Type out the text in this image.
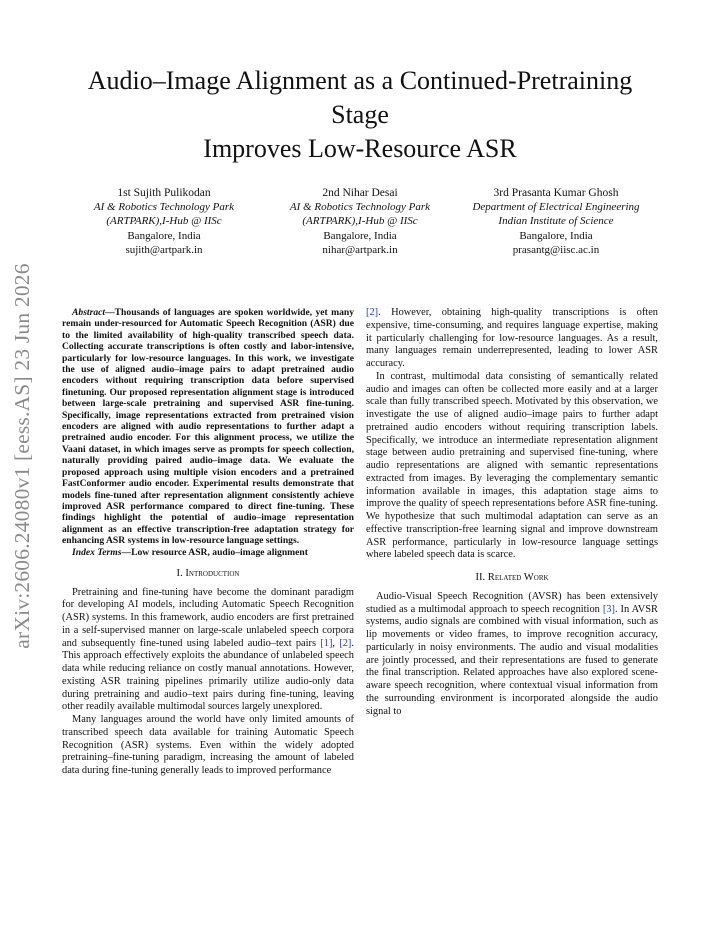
arXiv:2606.24080v1 [eess.AS] 23 Jun 2026
Audio–Image Alignment as a Continued-Pretraining
Stage
Improves Low-Resource ASR
1st Sujith Pulikodan
AI & Robotics Technology Park
(ARTPARK),I-Hub @ IISc
Bangalore, India
sujith@artpark.in
2nd Nihar Desai
AI & Robotics Technology Park
(ARTPARK),I-Hub @ IISc
Bangalore, India
nihar@artpark.in
3rd Prasanta Kumar Ghosh
Department of Electrical Engineering
Indian Institute of Science
Bangalore, India
prasantg@iisc.ac.in

Abstract—Thousands of languages are spoken worldwide, yet many remain under-resourced for Automatic Speech Recognition (ASR) due to the limited availability of high-quality transcribed speech data. Collecting accurate transcriptions is often costly and labor-intensive, particularly for low-resource languages. In this work, we investigate the use of aligned audio–image pairs to adapt pretrained audio encoders without requiring transcription data before supervised finetuning. Our proposed representation alignment stage is introduced between large-scale pretraining and supervised ASR fine-tuning. Specifically, image representations extracted from pretrained vision encoders are aligned with audio representations to further adapt a pretrained audio encoder. For this alignment process, we utilize the Vaani dataset, in which images serve as prompts for speech collection, naturally providing paired audio–image data. We evaluate the proposed approach using multiple vision encoders and a pretrained FastConformer audio encoder. Experimental results demonstrate that models fine-tuned after representation alignment consistently achieve improved ASR performance compared to direct fine-tuning. These findings highlight the potential of audio–image representation alignment as an effective transcription-free adaptation strategy for enhancing ASR systems in low-resource language settings.

Index Terms—Low resource ASR, audio–image alignment

I. Introduction

Pretraining and fine-tuning have become the dominant paradigm for developing AI models, including Automatic Speech Recognition (ASR) systems. In this framework, audio encoders are first pretrained in a self-supervised manner on large-scale unlabeled speech corpora and subsequently fine-tuned using labeled audio–text pairs [1], [2]. This approach effectively exploits the abundance of unlabeled speech data while reducing reliance on costly manual annotations. However, existing ASR training pipelines primarily utilize audio-only data during pretraining and audio–text pairs during fine-tuning, leaving other readily available multimodal sources largely unexplored.

Many languages around the world have only limited amounts of transcribed speech data available for training Automatic Speech Recognition (ASR) systems. Even within the widely adopted pretraining–fine-tuning paradigm, increasing the amount of labeled data during fine-tuning generally leads to improved performance

[2]. However, obtaining high-quality transcriptions is often expensive, time-consuming, and requires language expertise, making it particularly challenging for low-resource languages. As a result, many languages remain underrepresented, leading to lower ASR accuracy.

In contrast, multimodal data consisting of semantically related audio and images can often be collected more easily and at a larger scale than fully transcribed speech. Motivated by this observation, we investigate the use of aligned audio–image pairs to further adapt pretrained audio encoders without requiring transcription labels. Specifically, we introduce an intermediate representation alignment stage between audio pretraining and supervised fine-tuning, where audio representations are aligned with semantic representations extracted from images. By leveraging the complementary semantic information available in images, this adaptation stage aims to improve the quality of speech representations before ASR fine-tuning. We hypothesize that such multimodal adaptation can serve as an effective transcription-free learning signal and improve downstream ASR performance, particularly in low-resource language settings where labeled speech data is scarce.

II. Related Work

Audio-Visual Speech Recognition (AVSR) has been extensively studied as a multimodal approach to speech recognition [3]. In AVSR systems, audio signals are combined with visual information, such as lip movements or video frames, to improve recognition accuracy, particularly in noisy environments. The audio and visual modalities are jointly processed, and their representations are fused to generate the final transcription. Related approaches have also explored scene-aware speech recognition, where contextual visual information from the surrounding environment is incorporated alongside the audio signal to
